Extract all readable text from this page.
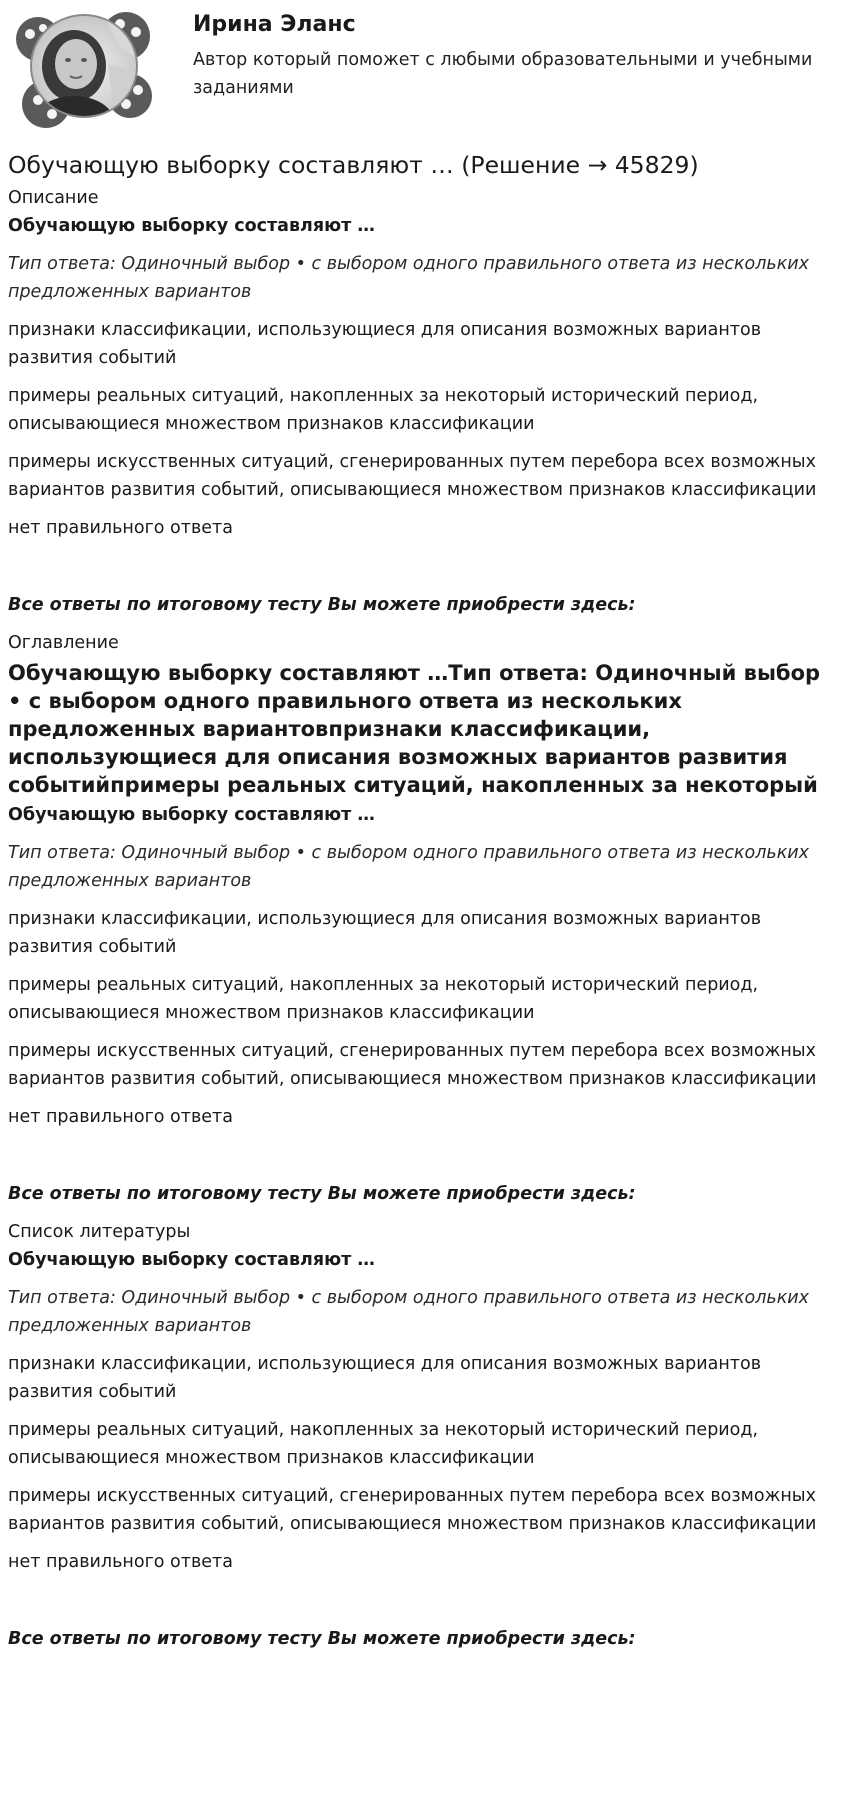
Ирина Эланс

Автор который поможет с любыми образовательными и учебными заданиями

Обучающую выборку составляют … (Решение → 45829)

Описание

Обучающую выборку составляют …

Тип ответа: Одиночный выбор • с выбором одного правильного ответа из нескольких предложенных вариантов

признаки классификации, использующиеся для описания возможных вариантов развития событий

примеры реальных ситуаций, накопленных за некоторый исторический период, описывающиеся множеством признаков классификации

примеры искусственных ситуаций, сгенерированных путем перебора всех возможных вариантов развития событий, описывающиеся множеством признаков классификации

нет правильного ответа

Все ответы по итоговому тесту Вы можете приобрести здесь:

Оглавление

Обучающую выборку составляют …Тип ответа: Одиночный выбор • с выбором одного правильного ответа из нескольких предложенных вариантовпризнаки классификации, использующиеся для описания возможных вариантов развития событийпримеры реальных ситуаций, накопленных за некоторый

Обучающую выборку составляют …

Тип ответа: Одиночный выбор • с выбором одного правильного ответа из нескольких предложенных вариантов

признаки классификации, использующиеся для описания возможных вариантов развития событий

примеры реальных ситуаций, накопленных за некоторый исторический период, описывающиеся множеством признаков классификации

примеры искусственных ситуаций, сгенерированных путем перебора всех возможных вариантов развития событий, описывающиеся множеством признаков классификации

нет правильного ответа

Все ответы по итоговому тесту Вы можете приобрести здесь:

Список литературы

Обучающую выборку составляют …

Тип ответа: Одиночный выбор • с выбором одного правильного ответа из нескольких предложенных вариантов

признаки классификации, использующиеся для описания возможных вариантов развития событий

примеры реальных ситуаций, накопленных за некоторый исторический период, описывающиеся множеством признаков классификации

примеры искусственных ситуаций, сгенерированных путем перебора всех возможных вариантов развития событий, описывающиеся множеством признаков классификации

нет правильного ответа

Все ответы по итоговому тесту Вы можете приобрести здесь:
